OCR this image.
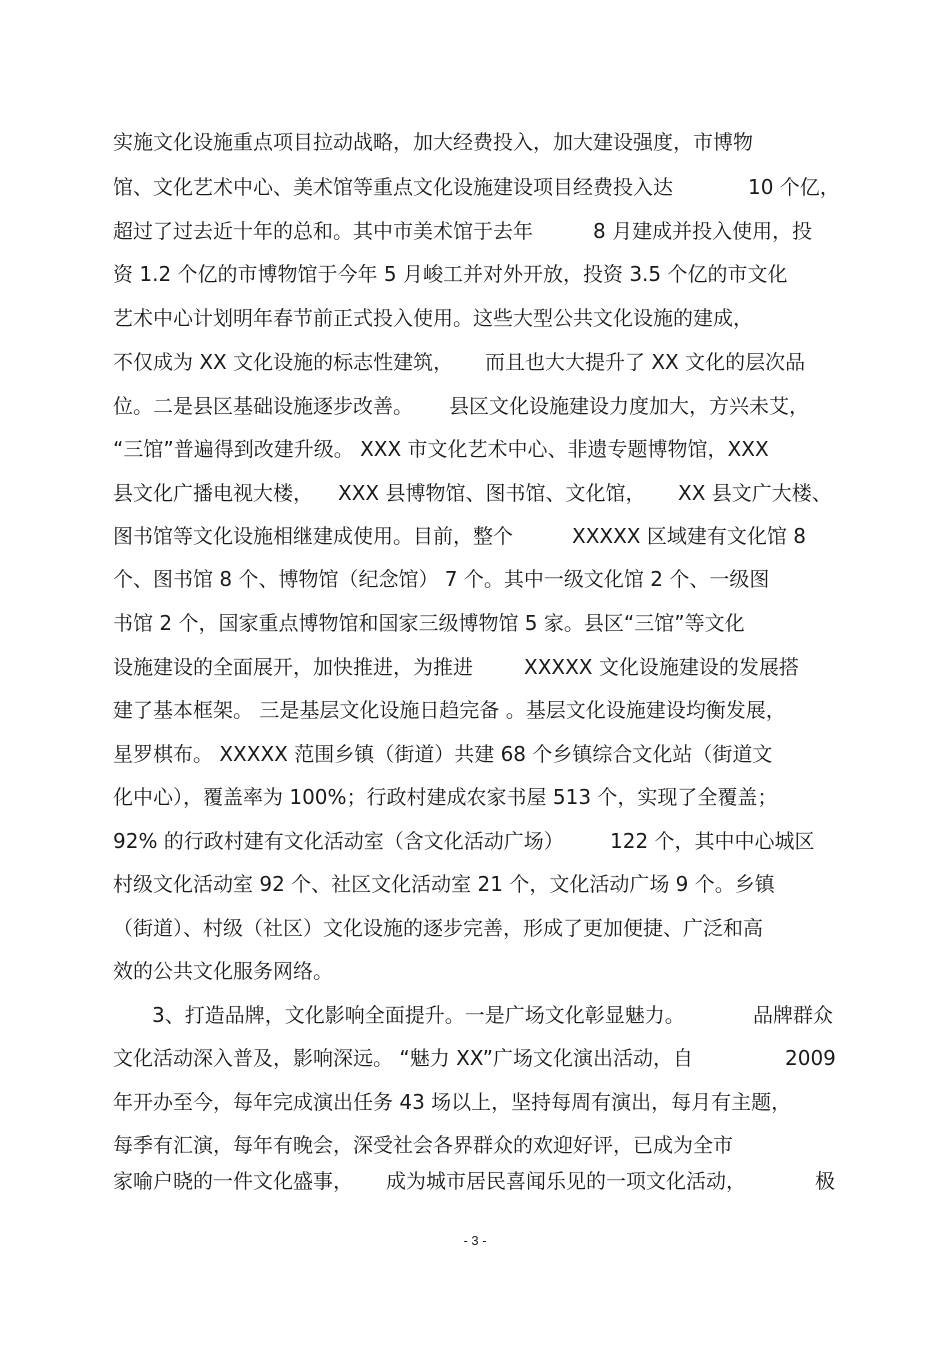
实施文化设施重点项目拉动战略，加大经费投入，加大建设强度，市博物
馆、文化艺术中心、美术馆等重点文化设施建设项目经费投入达	10 个亿，
超过了过去近十年的总和。其中市美术馆于去年	8 月建成并投入使用，投
资 1.2 个亿的市博物馆于今年 5 月峻工并对外开放，投资 3.5 个亿的市文化
艺术中心计划明年春节前正式投入使用。这些大型公共文化设施的建成，
不仅成为 XX 文化设施的标志性建筑， 而且也大大提升了 XX 文化的层次品
位。二是县区基础设施逐步改善。 县区文化设施建设力度加大，方兴未艾，
“三馆”普遍得到改建升级。 XXX 市文化艺术中心、非遗专题博物馆，XXX
县文化广播电视大楼， XXX 县博物馆、图书馆、文化馆， XX 县文广大楼、
图书馆等文化设施相继建成使用。目前，整个	XXXXX 区域建有文化馆 8
个、图书馆 8 个、博物馆（纪念馆） 7 个。其中一级文化馆 2 个、一级图
书馆 2 个，国家重点博物馆和国家三级博物馆 5 家。县区“三馆”等文化
设施建设的全面展开，加快推进，为推进	XXXXX 文化设施建设的发展搭
建了基本框架。 三是基层文化设施日趋完备 。基层文化设施建设均衡发展，
星罗棋布。 XXXXX 范围乡镇（街道）共建 68 个乡镇综合文化站（街道文
化中心），覆盖率为 100%；行政村建成农家书屋 513 个，实现了全覆盖；
92% 的行政村建有文化活动室（含文化活动广场） 122 个，其中中心城区
村级文化活动室 92 个、社区文化活动室 21 个，文化活动广场 9 个。乡镇
（街道）、村级（社区）文化设施的逐步完善，形成了更加便捷、广泛和高
效的公共文化服务网络。
3、打造品牌，文化影响全面提升。一是广场文化彰显魅力。	品牌群众
文化活动深入普及，影响深远。 “魅力 XX”广场文化演出活动，自	2009
年开办至今，每年完成演出任务 43 场以上，坚持每周有演出，每月有主题，
每季有汇演，每年有晚会，深受社会各界群众的欢迎好评，已成为全市
家喻户晓的一件文化盛事， 成为城市居民喜闻乐见的一项文化活动，	极
- 3 -
